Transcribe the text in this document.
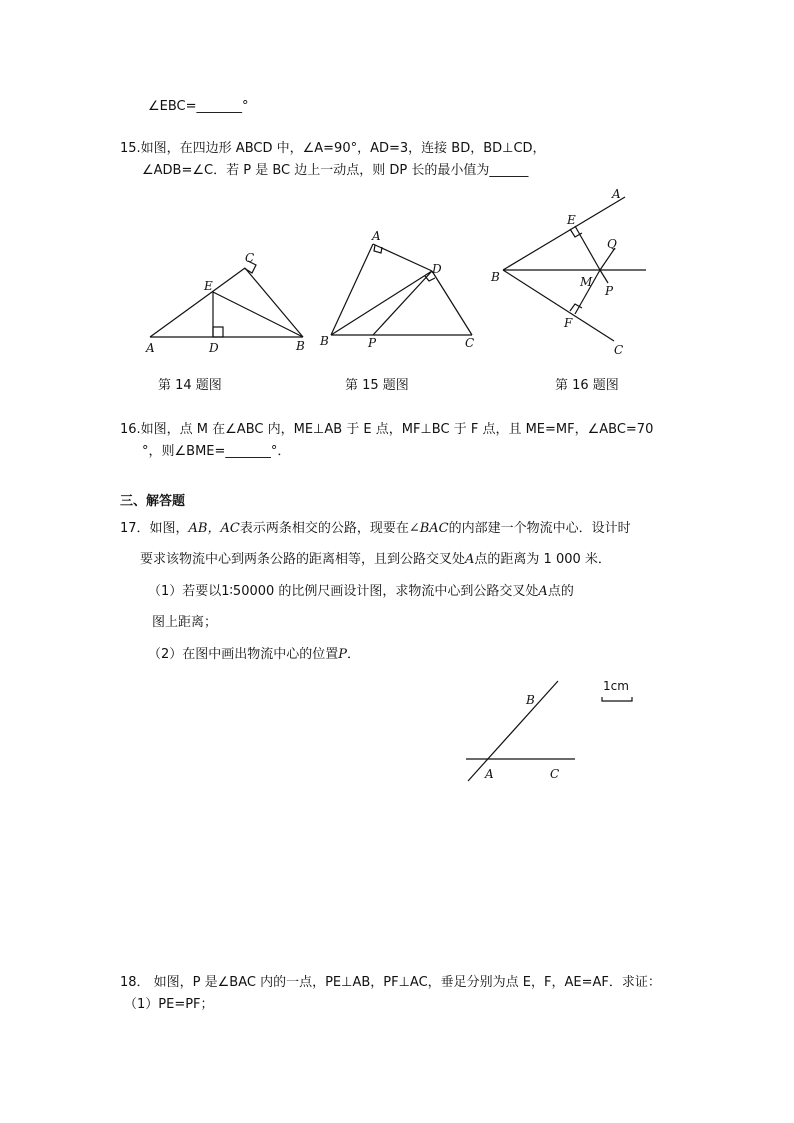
∠EBC=_______°
15.如图，在四边形 ABCD 中，∠A=90°，AD=3，连接 BD，BD⊥CD，
∠ADB=∠C．若 P 是 BC 边上一动点，则 DP 长的最小值为______
A	B
C
D
E
A
B	C
D
P
A
B
C
E
F
M
P
Q
B
A	C
1cm
第 14 题图	第 15 题图	第 16 题图
16.如图，点 M 在∠ABC 内，ME⊥AB 于 E 点，MF⊥BC 于 F 点，且 ME=MF，∠ABC=70
°，则∠BME=_______°．
三、解答题
17．如图，AB，AC表示两条相交的公路，现要在∠BAC的内部建一个物流中心．设计时
要求该物流中心到两条公路的距离相等，且到公路交叉处A点的距离为 1 000 米．
（1）若要以1∶50000 的比例尺画设计图，求物流中心到公路交叉处A点的
图上距离；
（2）在图中画出物流中心的位置P．
18． 如图，P 是∠BAC 内的一点，PE⊥AB，PF⊥AC，垂足分别为点 E，F，AE=AF．求证：
（1）PE=PF；
